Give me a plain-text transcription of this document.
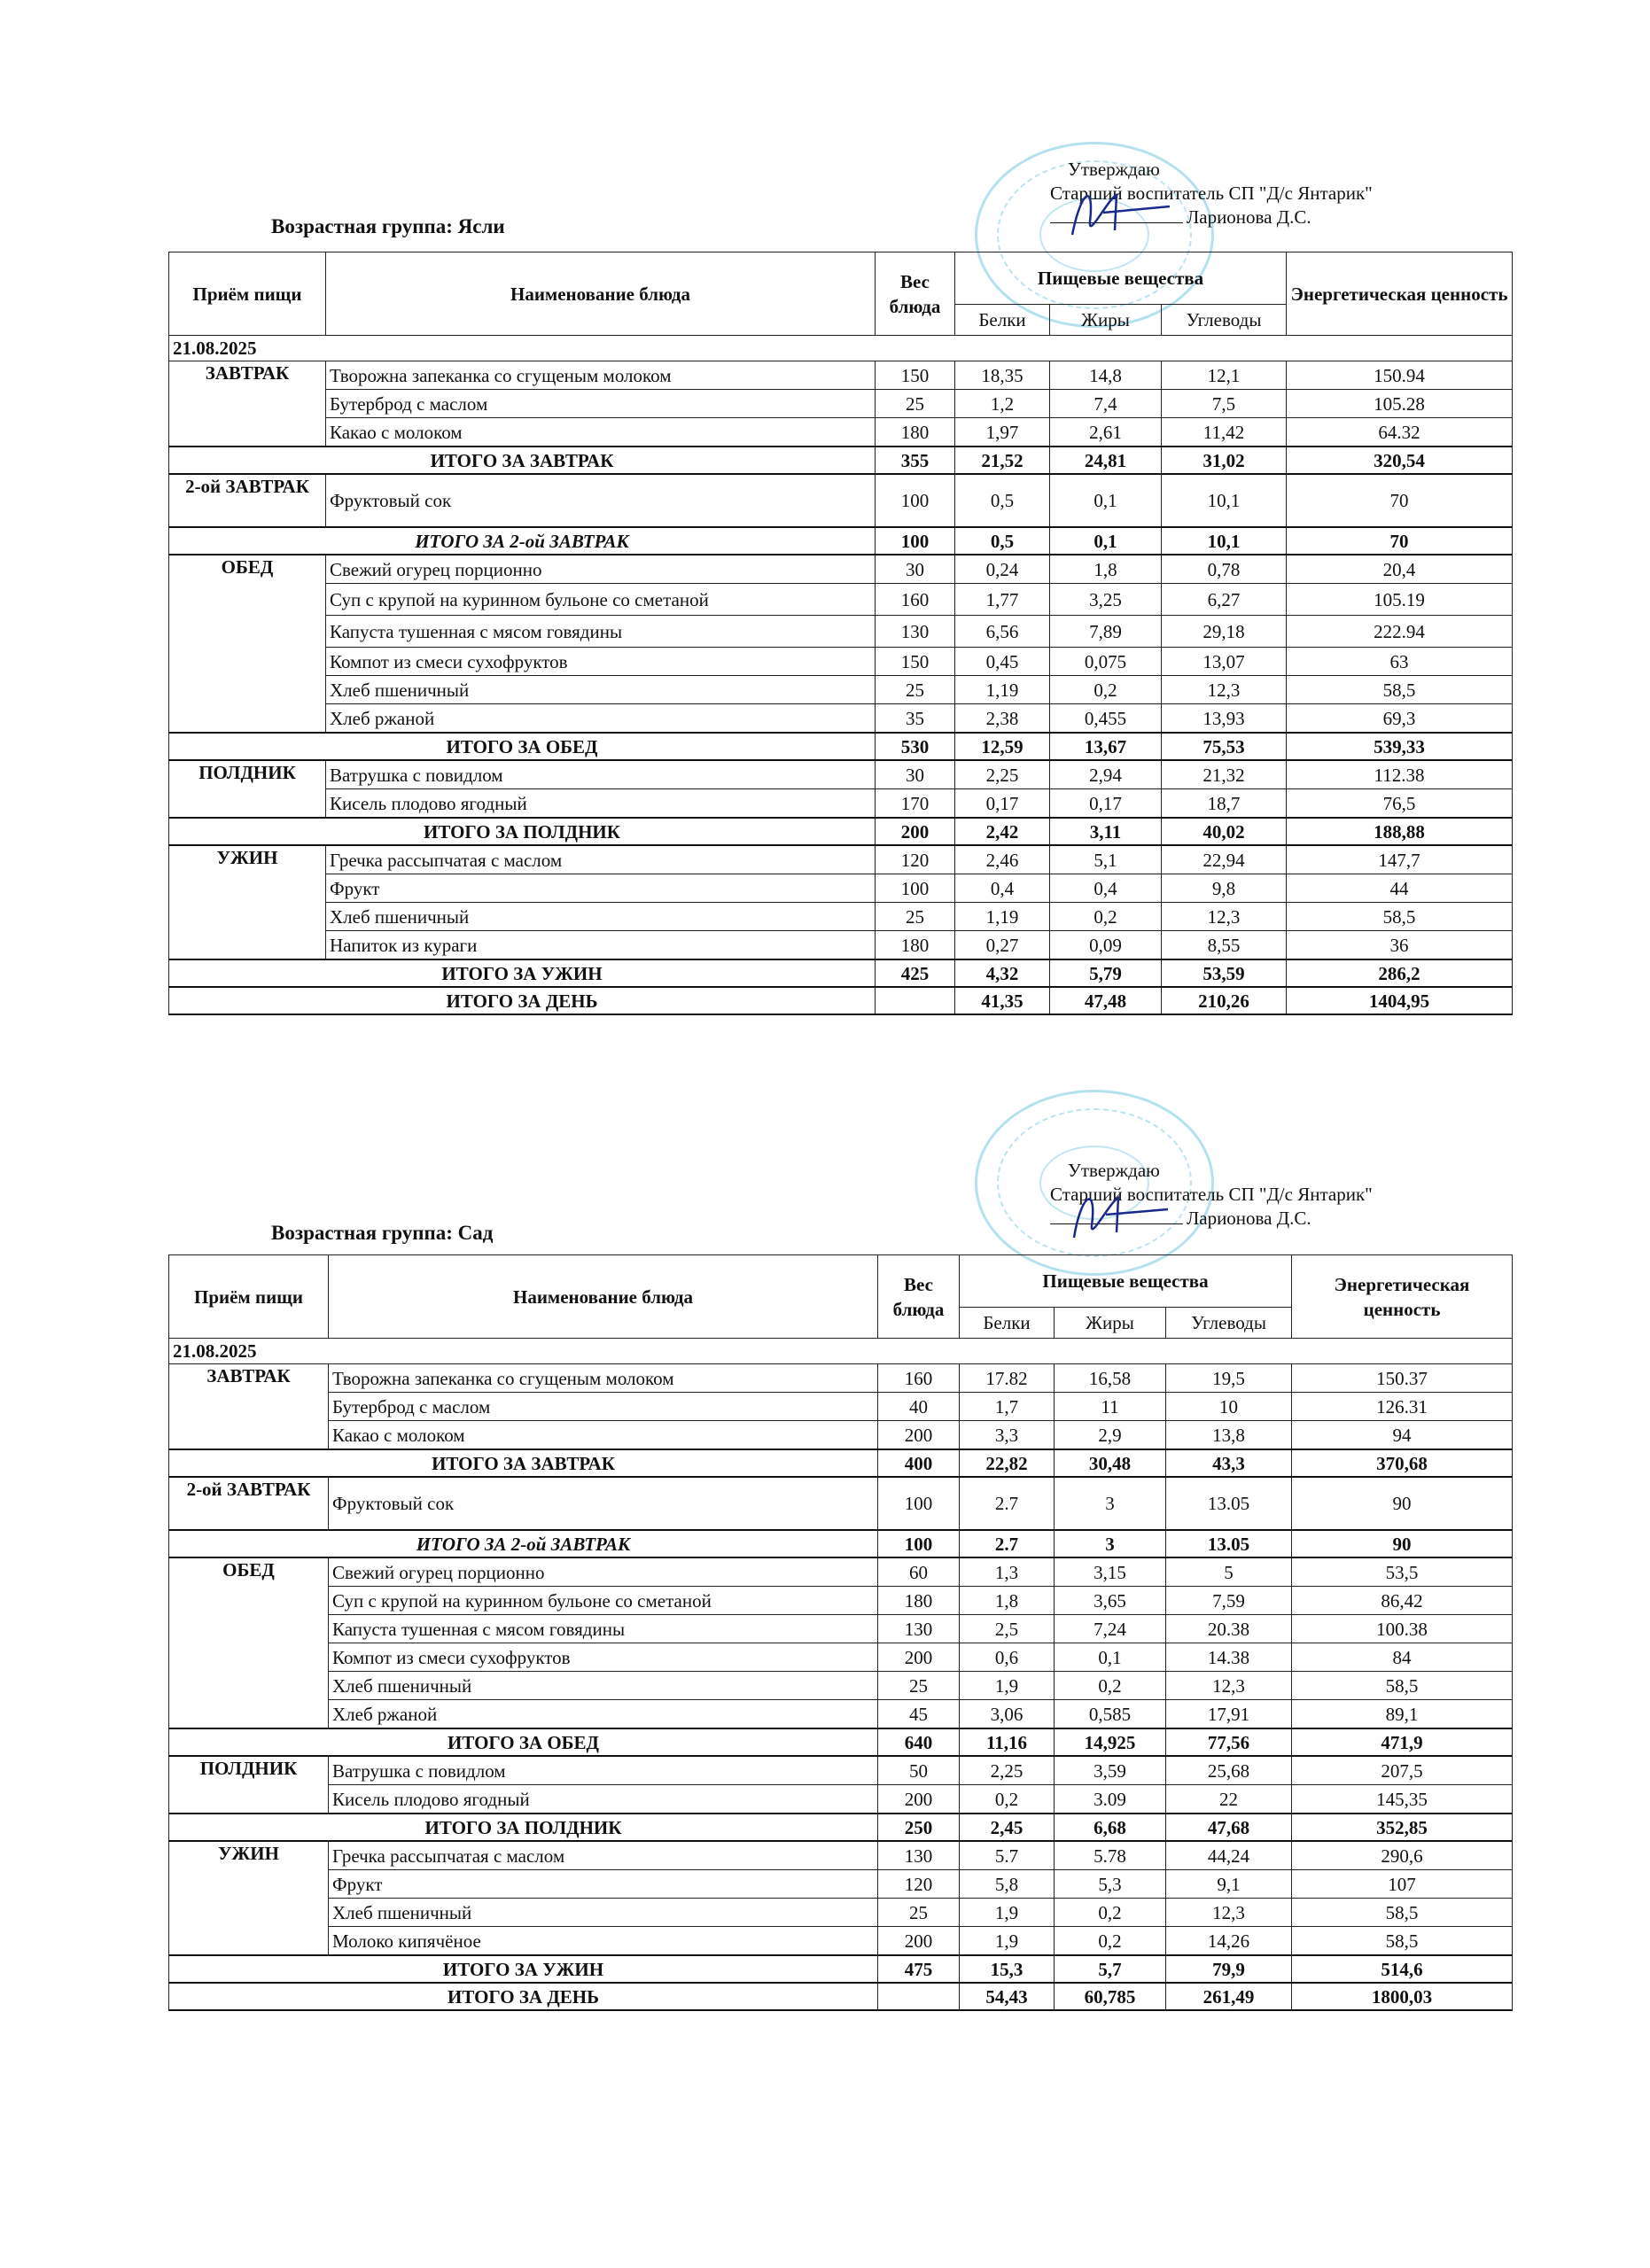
Утверждаю
Старший воспитатель СП "Д/с Янтарик"
Ларионова Д.С.
Возрастная группа: Ясли
Приём пищи	Наименование блюда	Вес блюда	Пищевые вещества			Энергетическая ценность
			Белки	Жиры	Углеводы	
21.08.2025						
ЗАВТРАК	Творожна запеканка со сгущеным молоком	150	18,35	14,8	12,1	150.94
	Бутерброд с маслом	25	1,2	7,4	7,5	105.28
	Какао с молоком	180	1,97	2,61	11,42	64.32
ИТОГО ЗА ЗАВТРАК		355	21,52	24,81	31,02	320,54
2-ой ЗАВТРАК	Фруктовый сок	100	0,5	0,1	10,1	70
ИТОГО ЗА 2-ой ЗАВТРАК		100	0,5	0,1	10,1	70
ОБЕД	Свежий огурец порционно	30	0,24	1,8	0,78	20,4
	Суп с крупой на куринном бульоне со сметаной	160	1,77	3,25	6,27	105.19
	Капуста тушенная с мясом говядины	130	6,56	7,89	29,18	222.94
	Компот из смеси сухофруктов	150	0,45	0,075	13,07	63
	Хлеб пшеничный	25	1,19	0,2	12,3	58,5
	Хлеб ржаной	35	2,38	0,455	13,93	69,3
ИТОГО ЗА ОБЕД		530	12,59	13,67	75,53	539,33
ПОЛДНИК	Ватрушка с повидлом	30	2,25	2,94	21,32	112.38
	Кисель плодово ягодный	170	0,17	0,17	18,7	76,5
ИТОГО ЗА ПОЛДНИК		200	2,42	3,11	40,02	188,88
УЖИН	Гречка рассыпчатая с маслом	120	2,46	5,1	22,94	147,7
	Фрукт	100	0,4	0,4	9,8	44
	Хлеб пшеничный	25	1,19	0,2	12,3	58,5
	Напиток из кураги	180	0,27	0,09	8,55	36
ИТОГО ЗА УЖИН		425	4,32	5,79	53,59	286,2
ИТОГО ЗА ДЕНЬ			41,35	47,48	210,26	1404,95
Утверждаю
Старший воспитатель СП "Д/с Янтарик"
Ларионова Д.С.
Возрастная группа: Сад
Приём пищи	Наименование блюда	Вес блюда	Пищевые вещества			Энергетическая ценность
			Белки	Жиры	Углеводы	
21.08.2025						
ЗАВТРАК	Творожна запеканка со сгущеным молоком	160	17.82	16,58	19,5	150.37
	Бутерброд с маслом	40	1,7	11	10	126.31
	Какао с молоком	200	3,3	2,9	13,8	94
ИТОГО ЗА ЗАВТРАК		400	22,82	30,48	43,3	370,68
2-ой ЗАВТРАК	Фруктовый сок	100	2.7	3	13.05	90
ИТОГО ЗА 2-ой ЗАВТРАК		100	2.7	3	13.05	90
ОБЕД	Свежий огурец порционно	60	1,3	3,15	5	53,5
	Суп с крупой на куринном бульоне со сметаной	180	1,8	3,65	7,59	86,42
	Капуста тушенная с мясом говядины	130	2,5	7,24	20.38	100.38
	Компот из смеси сухофруктов	200	0,6	0,1	14.38	84
	Хлеб пшеничный	25	1,9	0,2	12,3	58,5
	Хлеб ржаной	45	3,06	0,585	17,91	89,1
ИТОГО ЗА ОБЕД		640	11,16	14,925	77,56	471,9
ПОЛДНИК	Ватрушка с повидлом	50	2,25	3,59	25,68	207,5
	Кисель плодово ягодный	200	0,2	3.09	22	145,35
ИТОГО ЗА ПОЛДНИК		250	2,45	6,68	47,68	352,85
УЖИН	Гречка рассыпчатая с маслом	130	5.7	5.78	44,24	290,6
	Фрукт	120	5,8	5,3	9,1	107
	Хлеб пшеничный	25	1,9	0,2	12,3	58,5
	Молоко кипячёное	200	1,9	0,2	14,26	58,5
ИТОГО ЗА УЖИН		475	15,3	5,7	79,9	514,6
ИТОГО ЗА ДЕНЬ			54,43	60,785	261,49	1800,03
